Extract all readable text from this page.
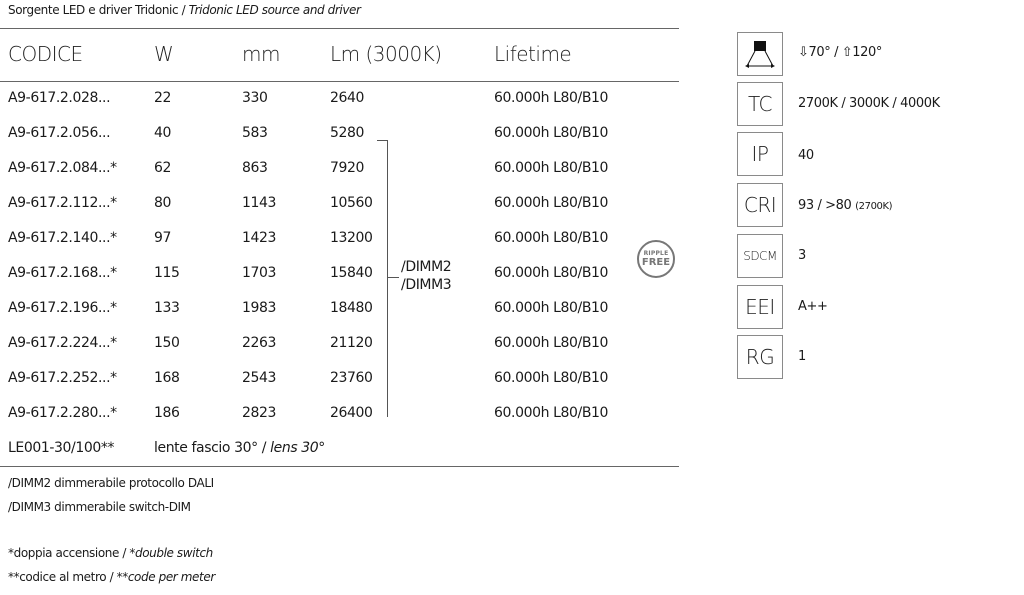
Sorgente LED e driver Tridonic / Tridonic LED source and driver
CODICE	W	mm	Lm (3000K)	Lifetime
A9-617.2.028...	22	330	2640	60.000h L80/B10
A9-617.2.056...	40	583	5280	60.000h L80/B10
A9-617.2.084...*	62	863	7920	60.000h L80/B10
A9-617.2.112...*	80	1143	10560	60.000h L80/B10
A9-617.2.140...*	97	1423	13200	60.000h L80/B10
A9-617.2.168...*	115	1703	15840	60.000h L80/B10
A9-617.2.196...*	133	1983	18480	60.000h L80/B10
A9-617.2.224...*	150	2263	21120	60.000h L80/B10
A9-617.2.252...*	168	2543	23760	60.000h L80/B10
A9-617.2.280...*	186	2823	26400	60.000h L80/B10
/DIMM2
/DIMM3
RIPPLE
FREE
LE001-30/100**	lente fascio 30° / lens 30°
/DIMM2 dimmerabile protocollo DALI
/DIMM3 dimmerabile switch-DIM
*doppia accensione / *double switch
**codice al metro / **code per meter
⇩70° / ⇧120°
TC	2700K / 3000K / 4000K
IP	40
CRI	93 / >80 (2700K)
SDCM	3
EEI	A++
RG	1
